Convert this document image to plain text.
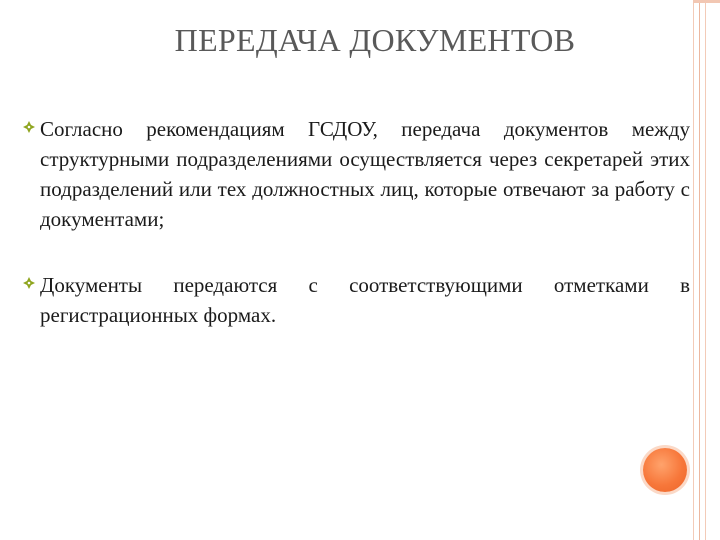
ПЕРЕДАЧА ДОКУМЕНТОВ
Согласно рекомендациям ГСДОУ, передача документов между структурными подразделениями осуществляется через секретарей этих подразделений или тех должностных лиц, которые отвечают за работу с документами;
Документы передаются с соответствующими отметками в регистрационных формах.
